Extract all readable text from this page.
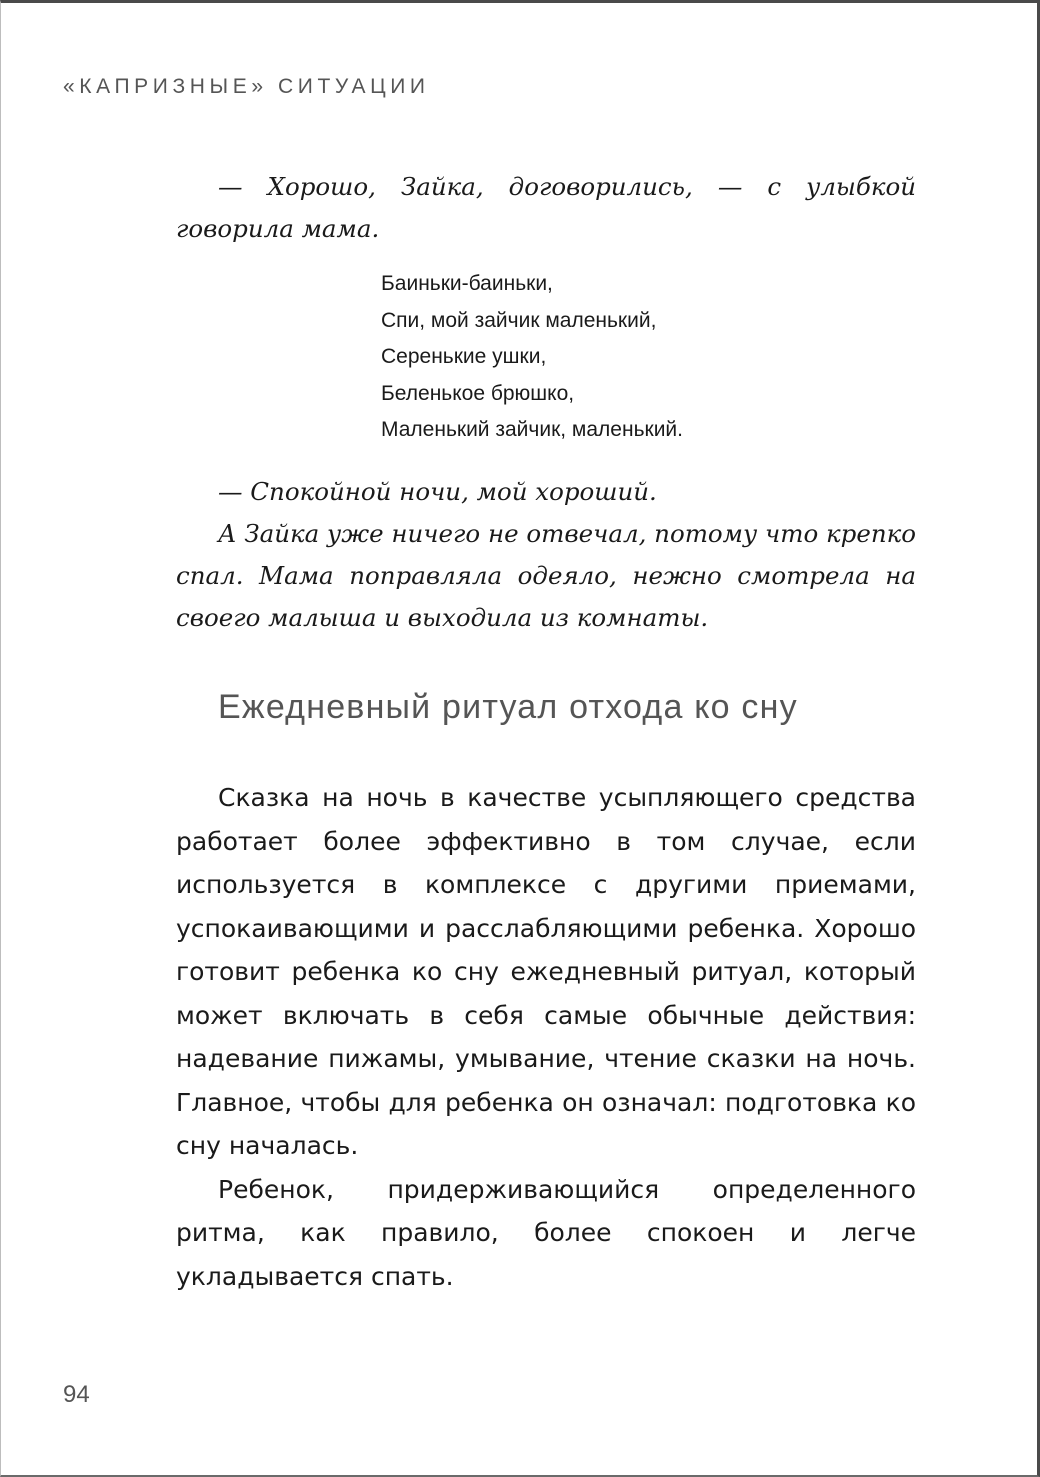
«КАПРИЗНЫЕ» СИТУАЦИИ

— Хорошо, Зайка, договорились, — с улыбкой говорила мама.

Баиньки-баиньки,
Спи, мой зайчик маленький,
Серенькие ушки,
Беленькое брюшко,
Маленький зайчик, маленький.

— Спокойной ночи, мой хороший.

А Зайка уже ничего не отвечал, потому что крепко спал. Мама поправляла одеяло, нежно смотрела на своего малыша и выходила из комнаты.

Ежедневный ритуал отхода ко сну

Сказка на ночь в качестве усыпляющего средства работает более эффективно в том случае, если используется в комплексе с другими приемами, успокаивающими и расслабляющими ребенка. Хорошо готовит ребенка ко сну ежедневный ритуал, который может включать в себя самые обычные действия: надевание пижамы, умывание, чтение сказки на ночь. Главное, чтобы для ребенка он означал: подготовка ко сну началась.

Ребенок, придерживающийся определенного ритма, как правило, более спокоен и легче укладывается спать.

94
